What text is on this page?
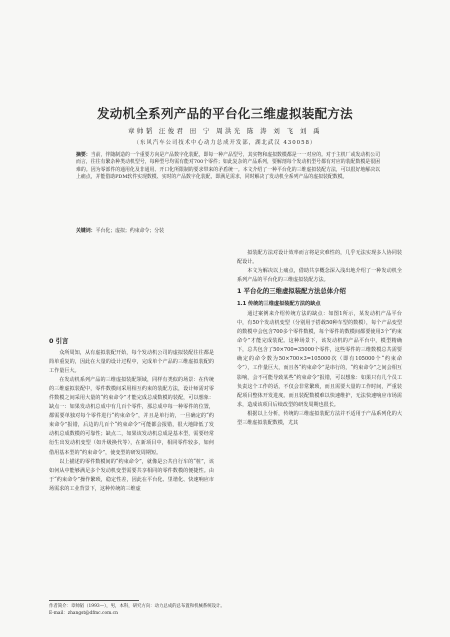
发动机全系列产品的平台化三维虚拟装配方法
章帅韬 汪俊君 田 宁 周洪光 陈 涛 刘 飞 刘 禹
（东风汽车公司技术中心动力总成开发部，湖北武汉 430058）

摘要：当前，伴随制造的一个重要方向是产品数字化装配，即每一种产品型号，其实物和虚拟数模都是一一对应的。对于主机厂或发动机公司而言，往往有繁杂种类动机型号，每种型号均需有能对700个零件；如此复杂的产品系列，要解剖每个发动机型号都有对应的装配数模是很困难的。因为零部件的通用化及非通用、开口化所限制的要求带来的矛盾统一。本文介绍了一种平台化的三维虚拟装配方法，可以很好地解决以上痛点，并能借助PDM软件实现数模、实时的产品数字化装配，即满足需求，同时解决了发动机全系列产品的虚拟装配数模。

关键词：平台化；虚拟；约束命令；分装

0 引言

众所周知，从有虚拟装配开始，每个发动机公司的虚拟装配往往都是简单重复的，因此在大量的设计过程中，完成单个产品的三维虚拟装配的工作量巨大。

在发动机系列产品的三维虚拟装配领域，同样有类似的场景：在传统的三维虚拟装配中，零件数模间采用相互约束的装配方法，设计师需对零件数模之间采用大量的“约束命令”才能完成总成数模的装配，可以想象：缺点一：如果发动机总成中有几百个零件，那总成中每一种零件的位置，都需要单独对每个零件进行“约束命令”，并且是单行的，一旦确定的“约束命令”报错，后边的几百个“约束命令”可能都会报错，很大地降低了发动机总成数模的可靠性；缺点二，如果该发动机总成是基本型，需要经常衍生出发动机变型（如升级换代等），在新项目中，相同零件较多，如何借用基本型的“约束命令”，使变型的研发周期短。

以上描述的零件数模间的“约束命令”，就像是公共自行车的“桩”，该如何从中能够满足多个发动机变型需要共享相同的零件数模的便捷性。由于“约束命令”操作繁琐，稳定性差，因此在平台化、里谐化、快速响应市场需求的工业背景下，这种传统的三维虚

拟装配方法对设计效率而言将是灾难性的，几乎无法实现多人协同装配设计。

本文为解决以上痛点，借助共享概念深入浅出地介绍了一种发动机全系列产品的平台化的三维虚拟装配方法。

1 平台化的三维虚拟装配方法总体介绍
1.1 传统的三维虚拟装配方法的缺点

通过案例来介绍传统方法的缺点：如图1所示，某发动机产品平台中，有50个发动机变型（分别用于搭载50种车型的数模），每个产品变型的数模中会包含700多个零件数模，每个零件的数模间都要使用3个“约束命令”才能完成装配。这种场景下，该发动机的产品平台中，模型精确下，总共包含了50×700=35000个零件，这些零件的三维数模总共需要确定的命令数为50×700×3=105000次（即有105000个“约束命令”），工作量巨大，而且各“约束命令”是串行的，“约束命令”之间会相互影响，会不可能导致某些“约束命令”报错，可以想象：如果只有几个员工负责这个工作的话，不仅会非常繁琐，而且需要大量的工作时间，严重装配项目整体开发进度。而且装配数模难以快速维护，无法快速响应市场需求，造成该项目后续改型的研发周期也很长。

根据以上分析，传统的三维虚拟装配方法并不适用于产品系列化的大型三维虚拟装配数模，尤其

作者简介：章帅韬（1993—），男，本科，研究方向：动力总成的总布置和机械系统设计。
E-mail：zhangst@dfmc.com.cn
